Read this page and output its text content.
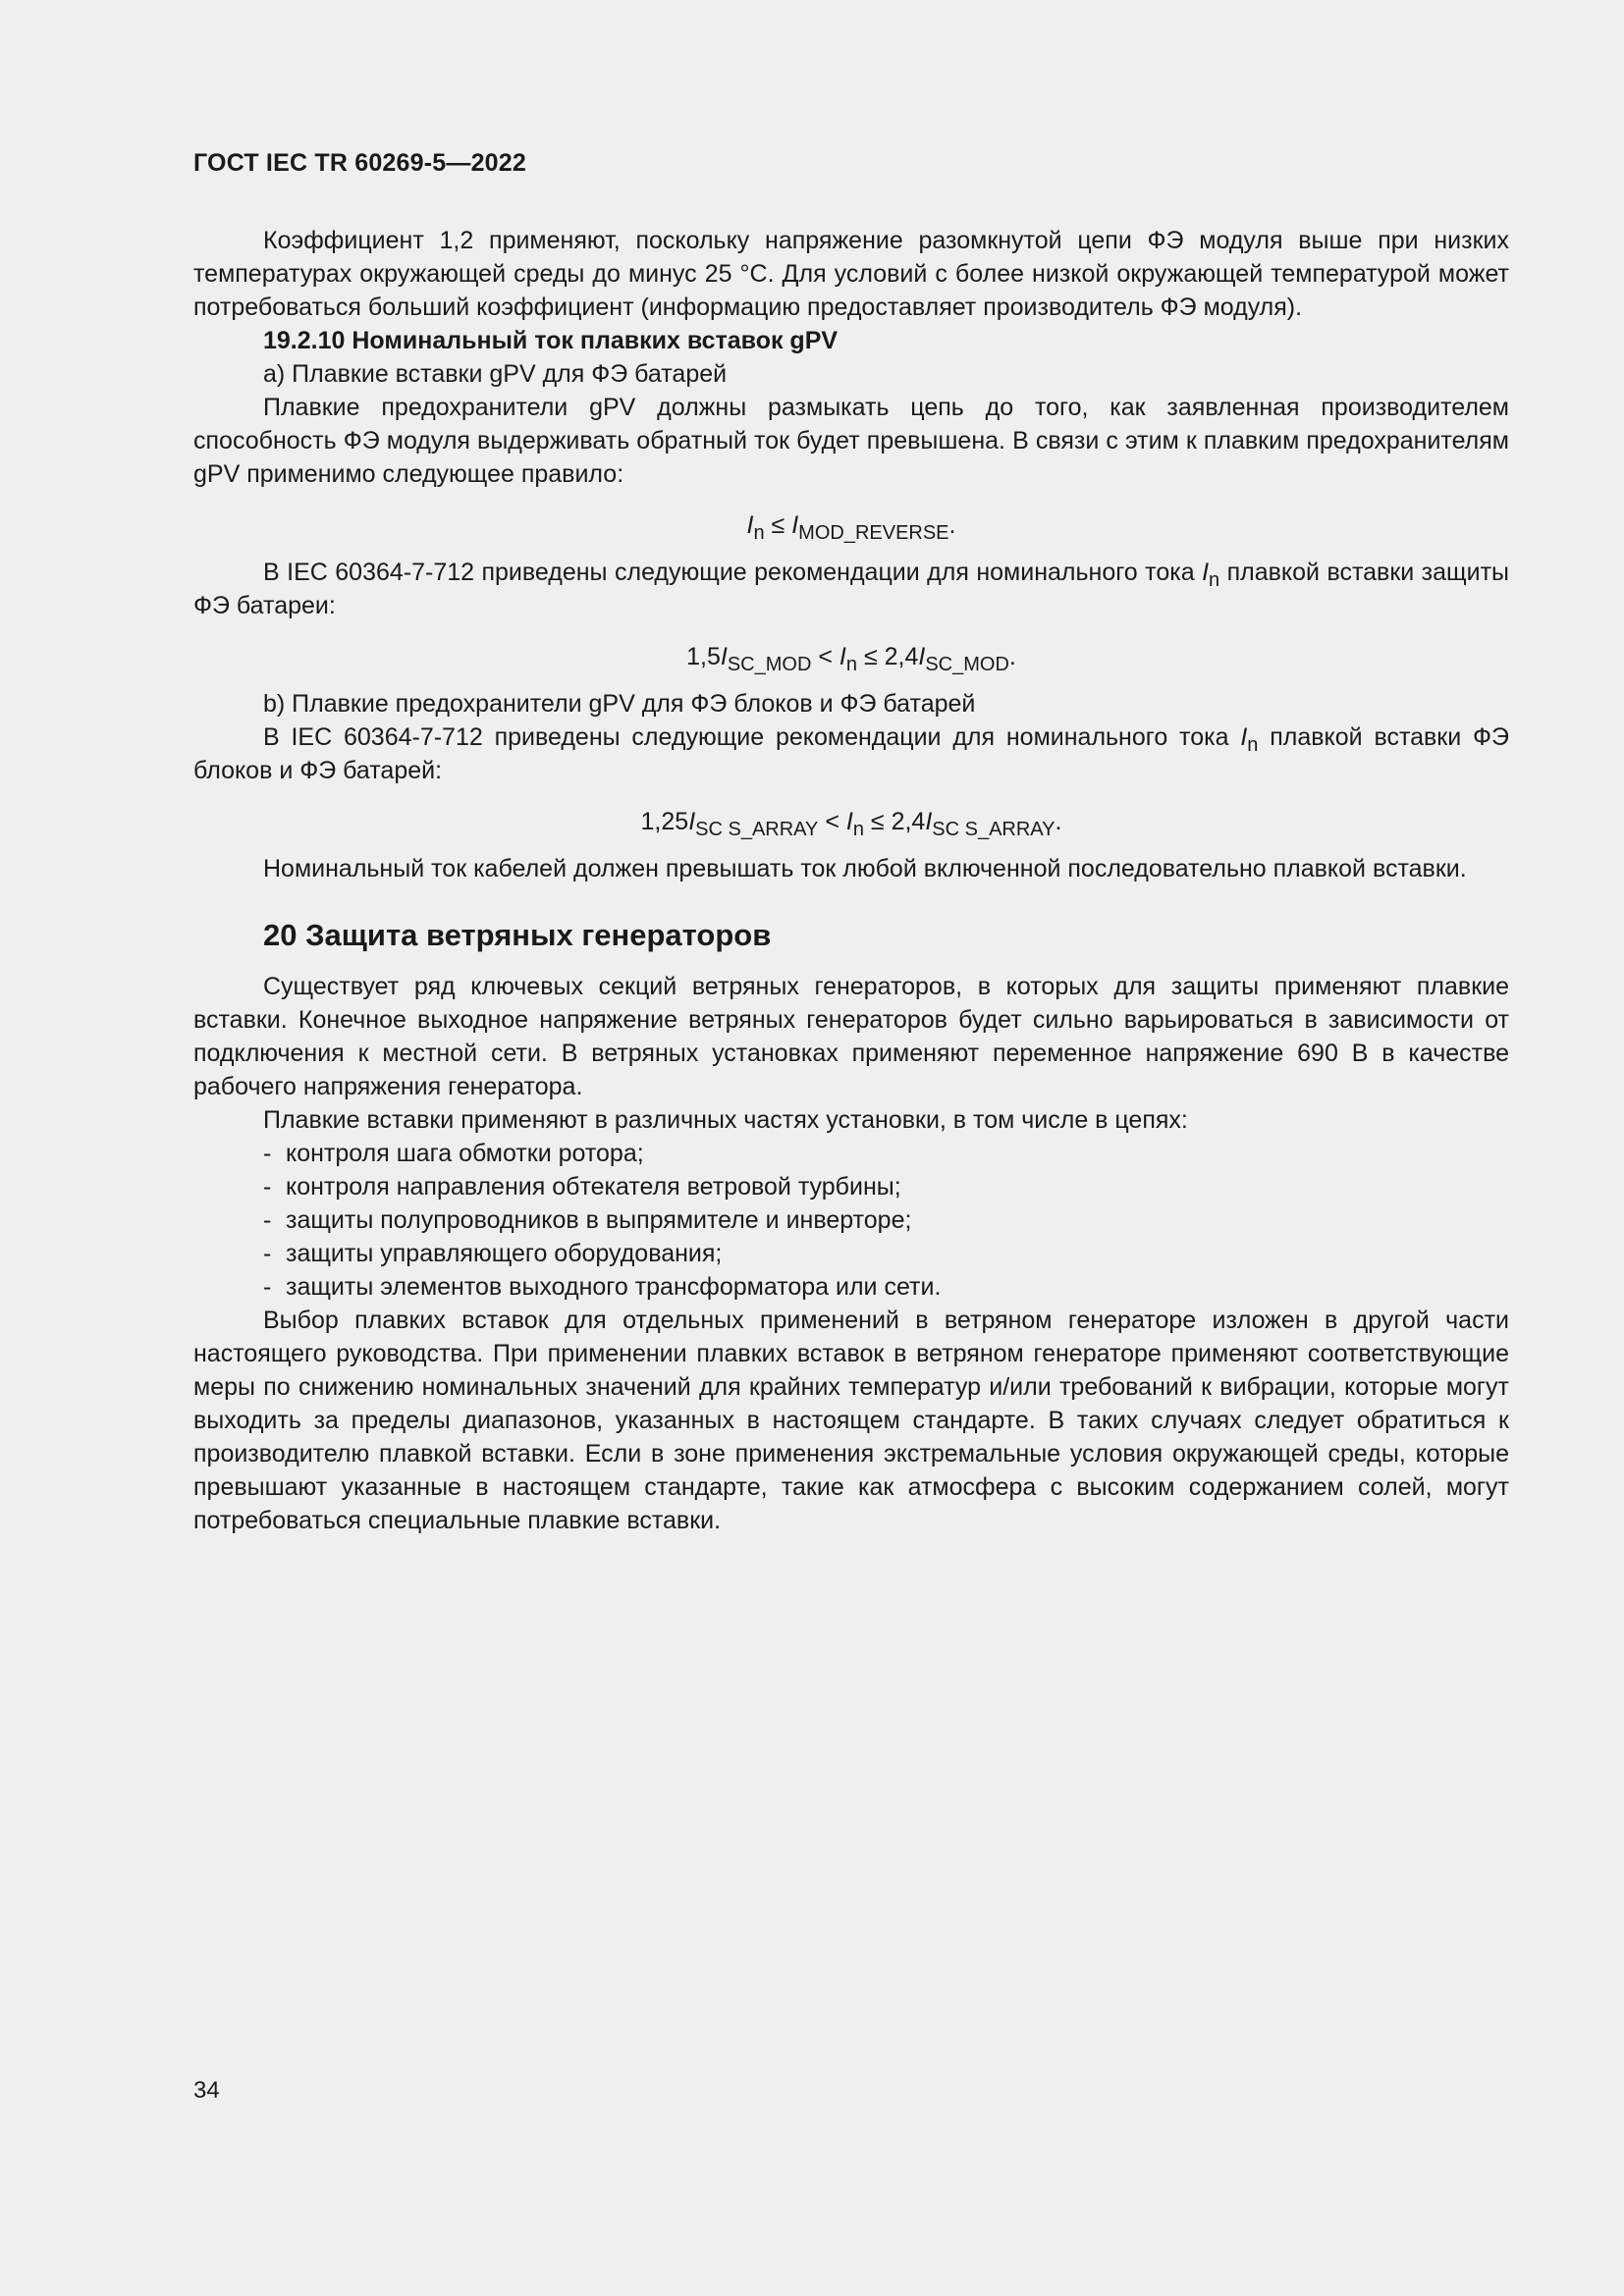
ГОСТ IEC TR 60269-5—2022

Коэффициент 1,2 применяют, поскольку напряжение разомкнутой цепи ФЭ модуля выше при низких температурах окружающей среды до минус 25 °С. Для условий с более низкой окружающей температурой может потребоваться больший коэффициент (информацию предоставляет производитель ФЭ модуля).

19.2.10 Номинальный ток плавких вставок gPV

a) Плавкие вставки gPV для ФЭ батарей

Плавкие предохранители gPV должны размыкать цепь до того, как заявленная производителем способность ФЭ модуля выдерживать обратный ток будет превышена. В связи с этим к плавким предохранителям gPV применимо следующее правило:

$I_n \le I_{MOD\_REVERSE}$.

В IEC 60364-7-712 приведены следующие рекомендации для номинального тока $I_n$ плавкой вставки защиты ФЭ батареи:

$1,5I_{SC\_MOD} < I_n \le 2,4I_{SC\_MOD}$.

b) Плавкие предохранители gPV для ФЭ блоков и ФЭ батарей

В IEC 60364-7-712 приведены следующие рекомендации для номинального тока $I_n$ плавкой вставки ФЭ блоков и ФЭ батарей:

$1,25I_{SC S\_ARRAY} < I_n \le 2,4I_{SC S\_ARRAY}$.

Номинальный ток кабелей должен превышать ток любой включенной последовательно плавкой вставки.

20 Защита ветряных генераторов

Существует ряд ключевых секций ветряных генераторов, в которых для защиты применяют плавкие вставки. Конечное выходное напряжение ветряных генераторов будет сильно варьироваться в зависимости от подключения к местной сети. В ветряных установках применяют переменное напряжение 690 В в качестве рабочего напряжения генератора.

Плавкие вставки применяют в различных частях установки, в том числе в цепях:

- контроля шага обмотки ротора;

- контроля направления обтекателя ветровой турбины;

- защиты полупроводников в выпрямителе и инверторе;

- защиты управляющего оборудования;

- защиты элементов выходного трансформатора или сети.

Выбор плавких вставок для отдельных применений в ветряном генераторе изложен в другой части настоящего руководства. При применении плавких вставок в ветряном генераторе применяют соответствующие меры по снижению номинальных значений для крайних температур и/или требований к вибрации, которые могут выходить за пределы диапазонов, указанных в настоящем стандарте. В таких случаях следует обратиться к производителю плавкой вставки. Если в зоне применения экстремальные условия окружающей среды, которые превышают указанные в настоящем стандарте, такие как атмосфера с высоким содержанием солей, могут потребоваться специальные плавкие вставки.

34
